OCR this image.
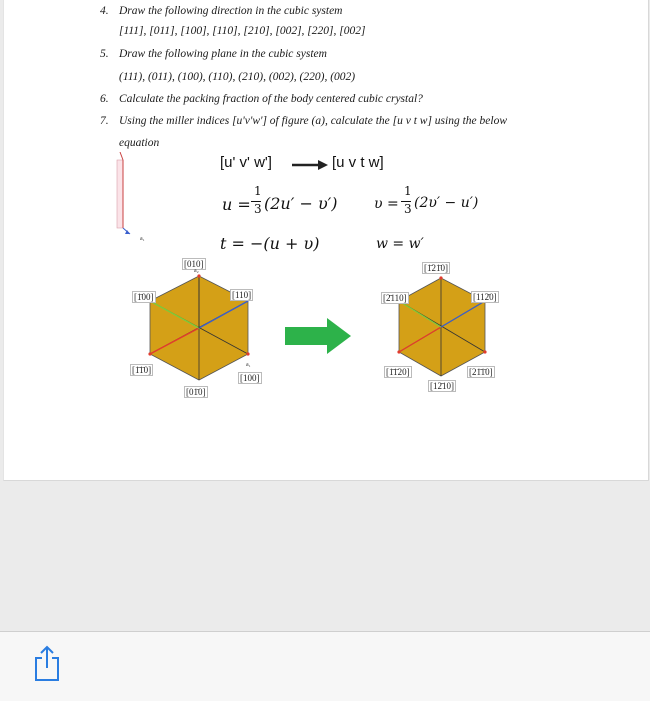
4. Draw the following direction in the cubic system
[111], [011], [100], [110], [210], [002], [220], [002]
5. Draw the following plane in the cubic system
(111), (011), (100), (110), (210), (002), (220), (002)
6. Calculate the packing fraction of the body centered cubic crystal?
7. Using the miller indices [u'v'w'] of figure (a), calculate the [u v t w] using the below
equation
a₁
[u' v' w']	[u v t w]
u =
1
3 (2u′ − υ′)	υ =
1
3 (2υ′ − u′)
t = −(u + υ)	w = w′
[010]
a₂
[1̄00]	[110]
[1̄1̄0]	a₁
[100]
[01̄0]
[1̄21̄0]
[2̄110]	[112̄0]
[1̄1̄20]	[21̄1̄0]
[12̄10]
